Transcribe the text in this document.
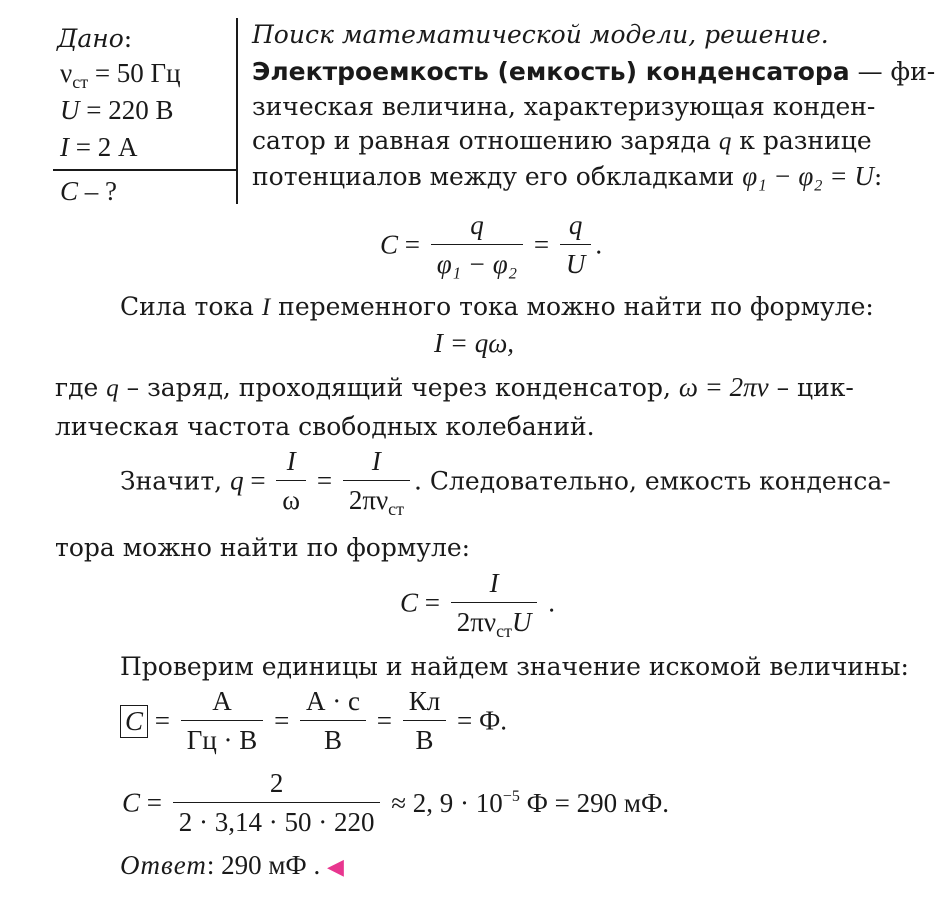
Дано:
$\nu_{ст} = 50$ Гц
U = 220 В
I = 2 А
C – ?
Поиск математической модели, решение.
Электроемкость (емкость) конденсатора — фи-
зическая величина, характеризующая конден-
сатор и равная отношению заряда q к разнице
потенциалов между его обкладками φ₁ − φ₂ = U:
$C = \frac{q}{\text{φ₁ − φ₂}} = \frac{q}{U}$ .
Сила тока I переменного тока можно найти по формуле:
I = qω,
где q – заряд, проходящий через конденсатор, ω = 2πν – цик-
лическая частота свободных колебаний.
Значит, $q = \frac{I}{\omega} = \frac{I}{2\pi\nu_{ст}}$ . Следовательно, емкость конденса-
тора можно найти по формуле:
$C = \frac{I}{2\pi\nu_{ст}U}$ .
Проверим единицы и найдем значение искомой величины:
$C = \frac{А}{Гц \cdot В} = \frac{А \cdot с}{В} = \frac{Кл}{В} = Ф$.
$C = \frac{2}{2 \cdot 3,14 \cdot 50 \cdot 220} \approx 2$, $9 \cdot 10^{-5}$ Ф = 290 мФ.
Ответ: 290 мФ . ◀
